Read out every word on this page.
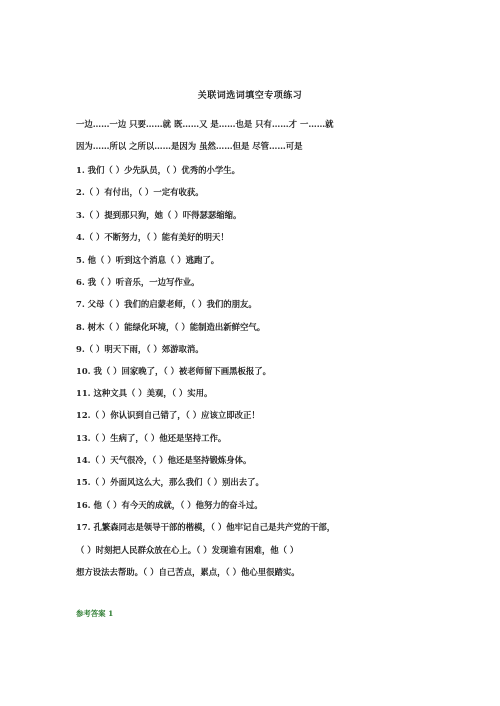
关联词选词填空专项练习
一边……一边 只要……就 既……又 是……也是 只有……才 一……就
因为……所以 之所以……是因为 虽然……但是 尽管……可是
1. 我们（ ）少先队员，（ ）优秀的小学生。
2.（ ）有付出，（ ）一定有收获。
3.（ ）提到那只狗，她（ ）吓得瑟瑟缩缩。
4.（ ）不断努力，（ ）能有美好的明天！
5. 他（ ）听到这个消息（ ）逃跑了。
6. 我（ ）听音乐，一边写作业。
7. 父母（ ）我们的启蒙老师，（ ）我们的朋友。
8. 树木（ ）能绿化环境，（ ）能制造出新鲜空气。
9.（ ）明天下雨，（ ）郊游取消。
10. 我（ ）回家晚了，（ ）被老师留下画黑板报了。
11. 这种文具（ ）美观，（ ）实用。
12.（ ）你认识到自己错了，（ ）应该立即改正！
13.（ ）生病了，（ ）他还是坚持工作。
14.（ ）天气很冷，（ ）他还是坚持锻炼身体。
15.（ ）外面风这么大，那么我们（ ）别出去了。
16. 他（ ）有今天的成就，（ ）他努力的奋斗过。
17. 孔繁森同志是领导干部的楷模，（ ）他牢记自己是共产党的干部，
（ ）时刻把人民群众放在心上。（ ）发现谁有困难，他（ ）
想方设法去帮助。（ ）自己苦点，累点，（ ）他心里很踏实。
参考答案 1
